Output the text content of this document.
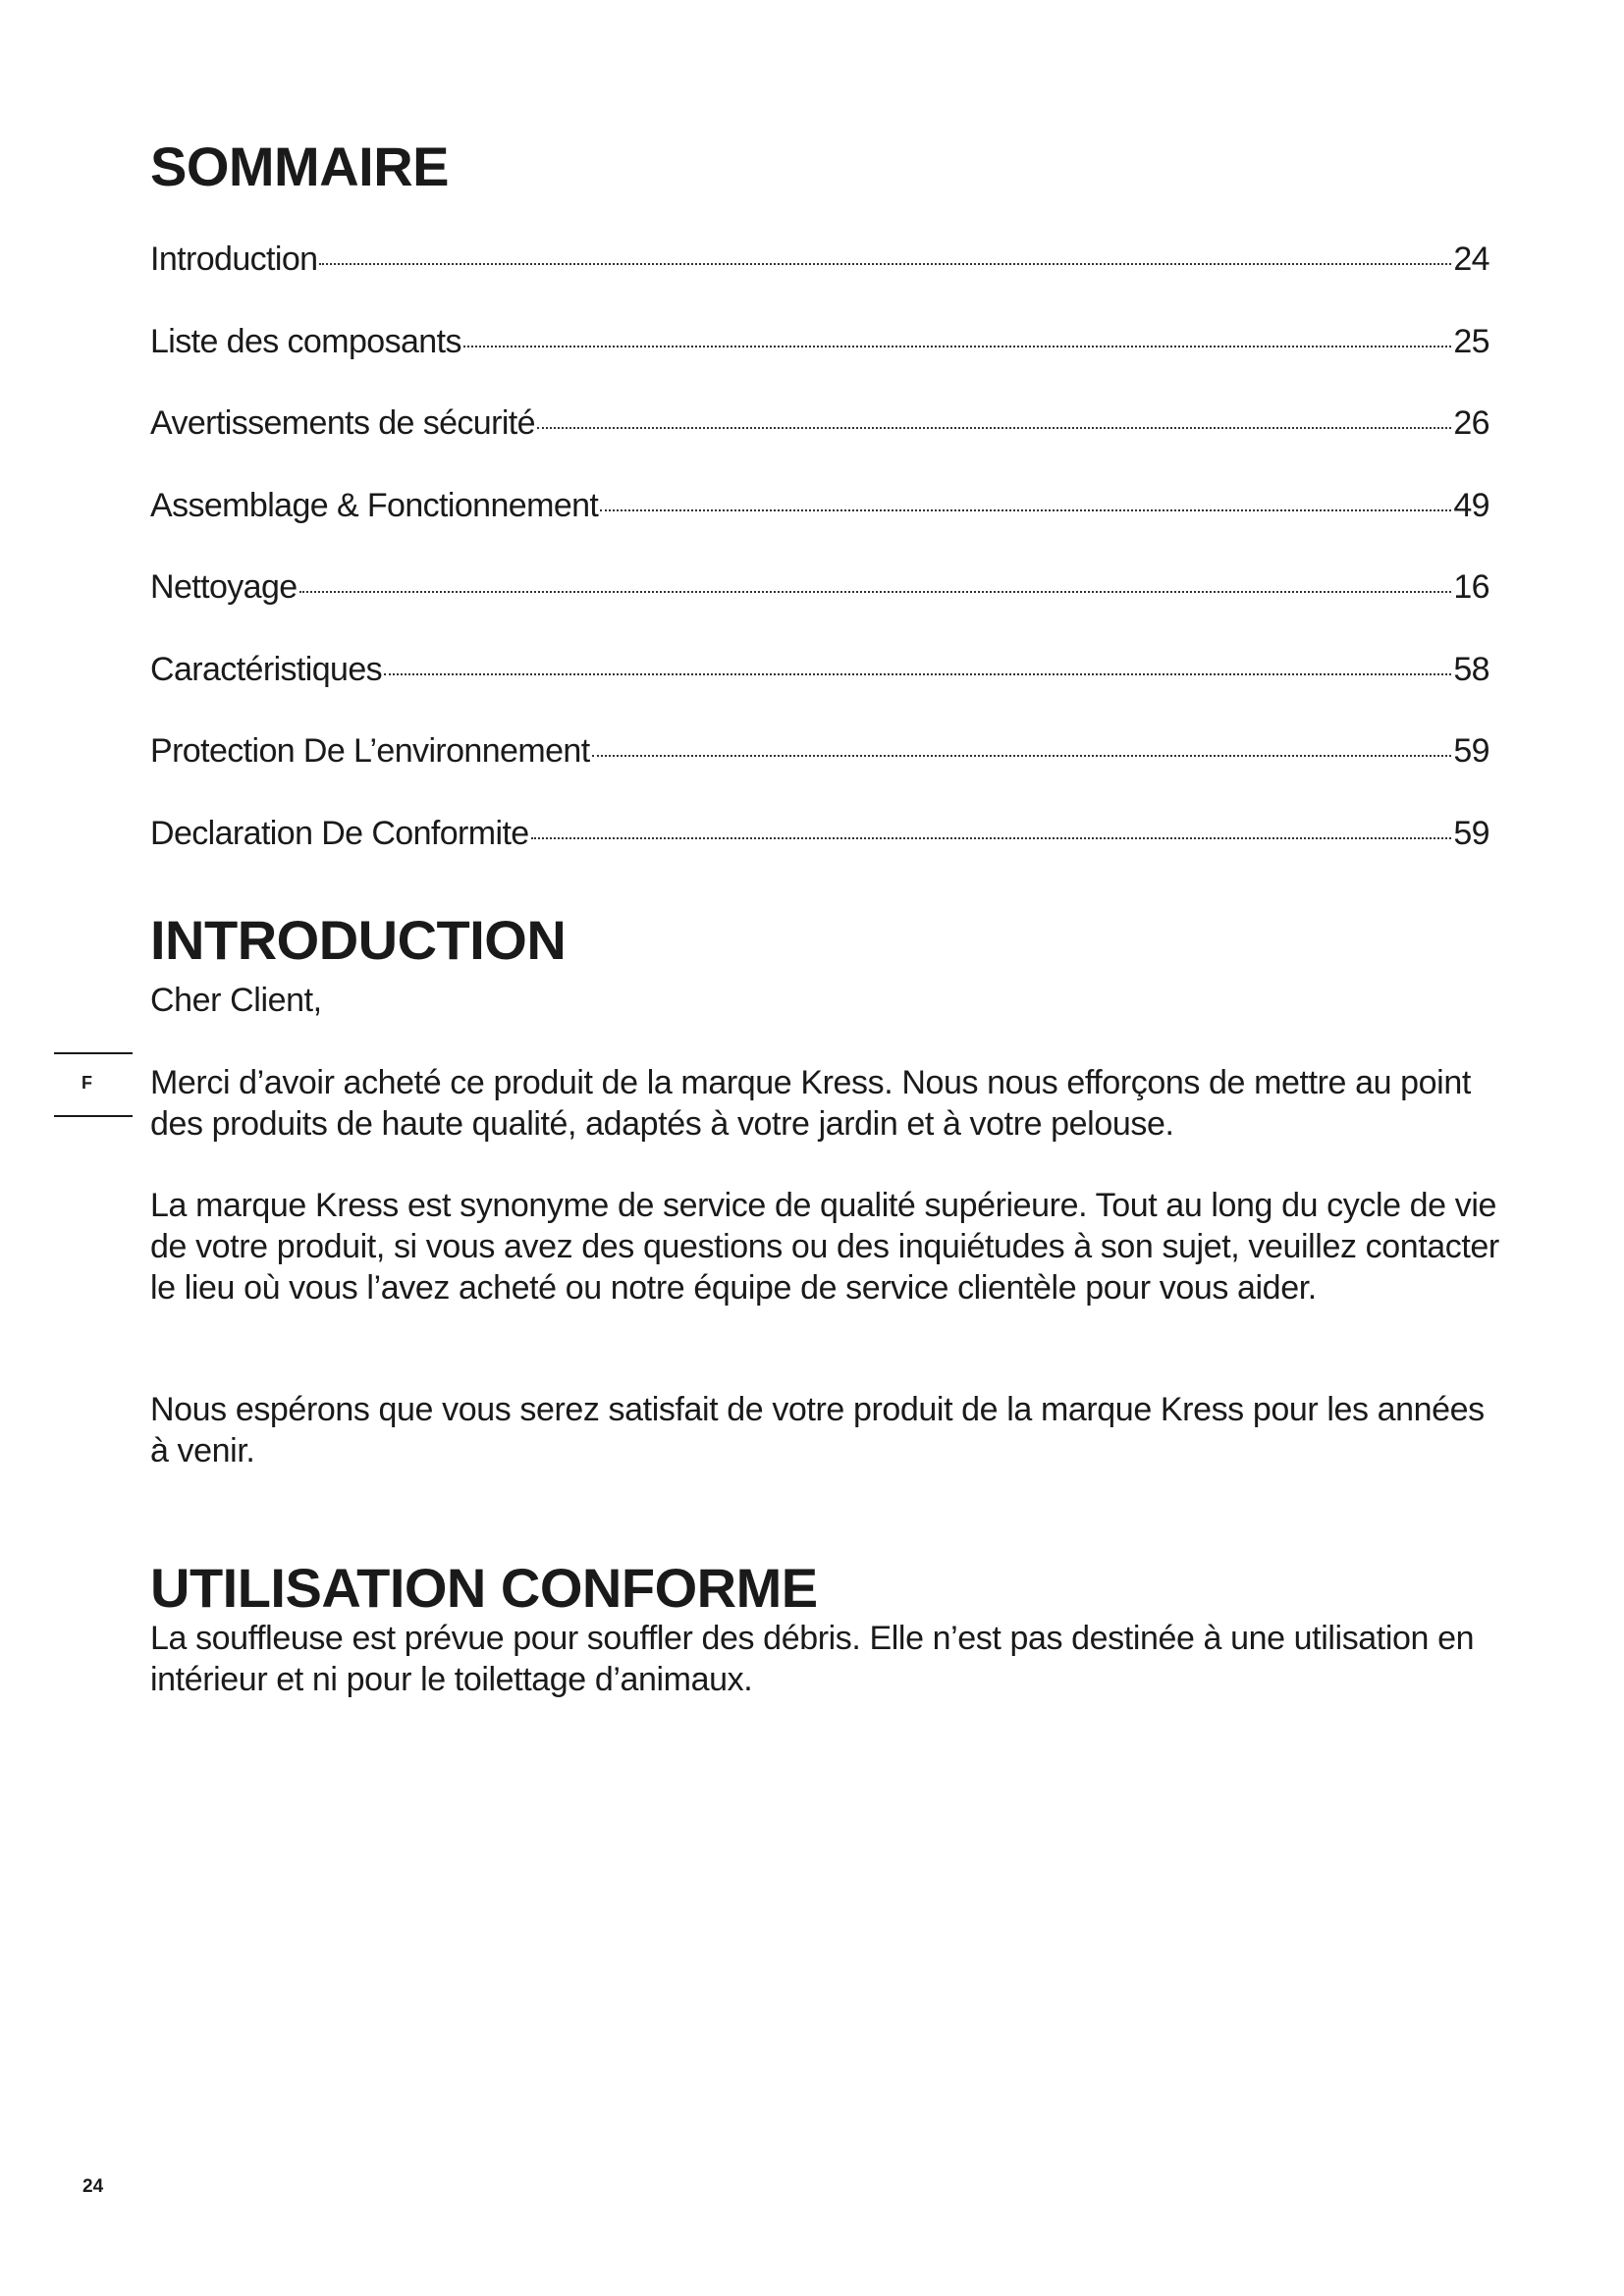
SOMMAIRE
Introduction	24
Liste des composants	25
Avertissements de sécurité	26
Assemblage & Fonctionnement	49
Nettoyage	16
Caractéristiques	58
Protection De L’environnement	59
Declaration De Conformite	59
INTRODUCTION

Cher Client,

F Merci d’avoir acheté ce produit de la marque Kress. Nous nous efforçons de mettre au point des produits de haute qualité, adaptés à votre jardin et à votre pelouse.

La marque Kress est synonyme de service de qualité supérieure. Tout au long du cycle de vie de votre produit, si vous avez des questions ou des inquiétudes à son sujet, veuillez contacter le lieu où vous l’avez acheté ou notre équipe de service clientèle pour vous aider.

Nous espérons que vous serez satisfait de votre produit de la marque Kress pour les années à venir.

UTILISATION CONFORME

La souffleuse est prévue pour souffler des débris. Elle n’est pas destinée à une utilisation en intérieur et ni pour le toilettage d’animaux.

24
